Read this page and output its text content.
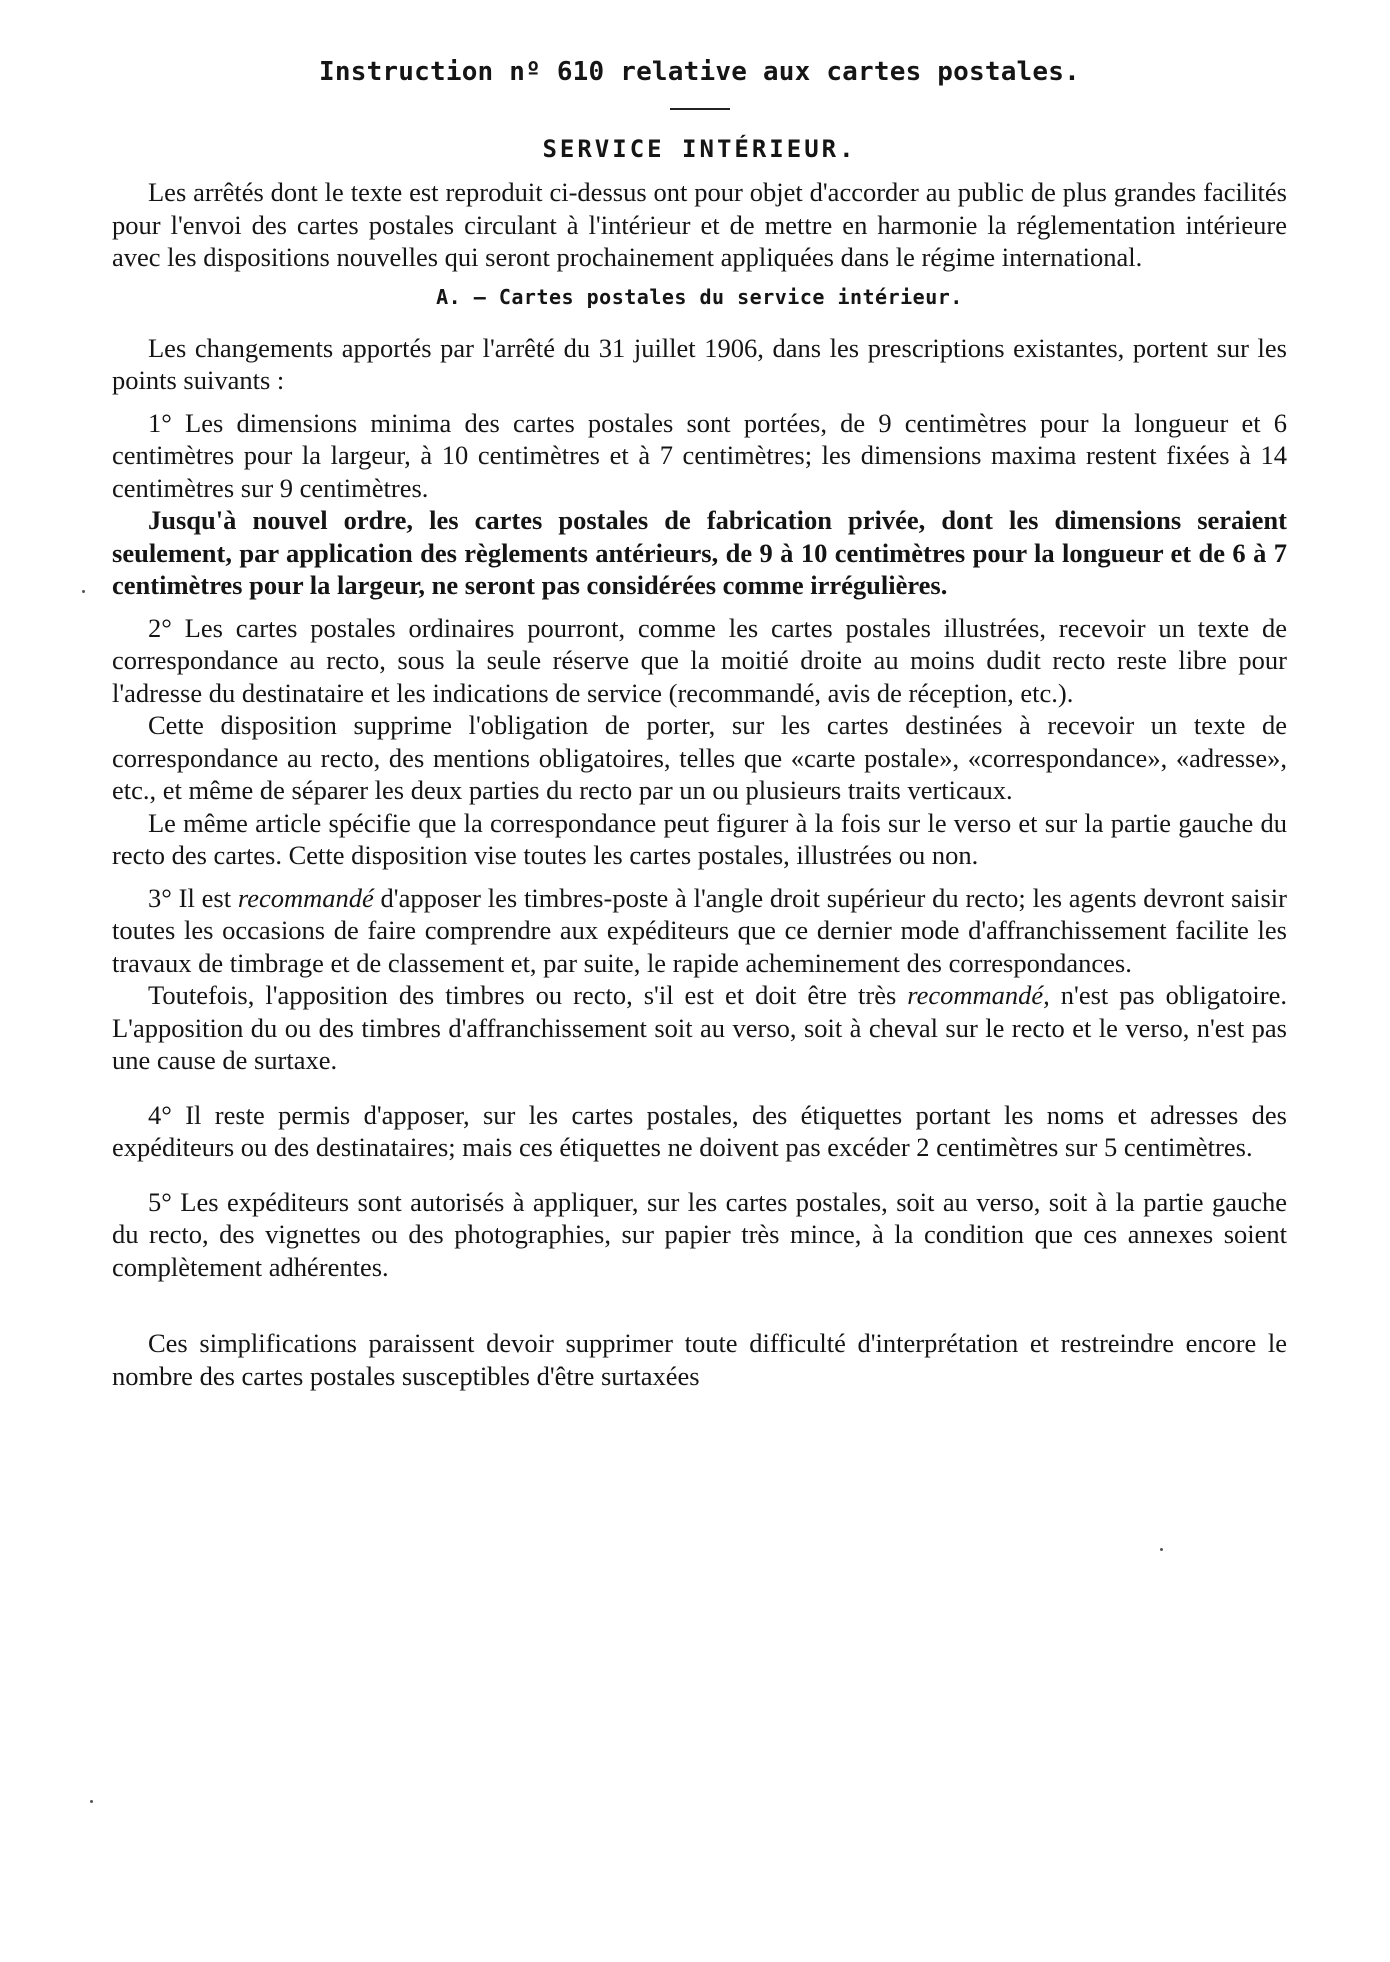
Instruction nº 610 relative aux cartes postales.
SERVICE INTÉRIEUR.

Les arrêtés dont le texte est reproduit ci-dessus ont pour objet d'accorder au public de plus grandes facilités pour l'envoi des cartes postales circulant à l'intérieur et de mettre en harmonie la réglementation intérieure avec les dispositions nouvelles qui seront prochainement appliquées dans le régime international.

A. — Cartes postales du service intérieur.

Les changements apportés par l'arrêté du 31 juillet 1906, dans les prescriptions existantes, portent sur les points suivants :

1° Les dimensions minima des cartes postales sont portées, de 9 centimètres pour la longueur et 6 centimètres pour la largeur, à 10 centimètres et à 7 centimètres; les dimensions maxima restent fixées à 14 centimètres sur 9 centimètres.

Jusqu'à nouvel ordre, les cartes postales de fabrication privée, dont les dimensions seraient seulement, par application des règlements antérieurs, de 9 à 10 centimètres pour la longueur et de 6 à 7 centimètres pour la largeur, ne seront pas considérées comme irrégulières.

2° Les cartes postales ordinaires pourront, comme les cartes postales illustrées, recevoir un texte de correspondance au recto, sous la seule réserve que la moitié droite au moins dudit recto reste libre pour l'adresse du destinataire et les indications de service (recommandé, avis de réception, etc.).

Cette disposition supprime l'obligation de porter, sur les cartes destinées à recevoir un texte de correspondance au recto, des mentions obligatoires, telles que «carte postale», «correspondance», «adresse», etc., et même de séparer les deux parties du recto par un ou plusieurs traits verticaux.

Le même article spécifie que la correspondance peut figurer à la fois sur le verso et sur la partie gauche du recto des cartes. Cette disposition vise toutes les cartes postales, illustrées ou non.

3° Il est recommandé d'apposer les timbres-poste à l'angle droit supérieur du recto; les agents devront saisir toutes les occasions de faire comprendre aux expéditeurs que ce dernier mode d'affranchissement facilite les travaux de timbrage et de classement et, par suite, le rapide acheminement des correspondances.

Toutefois, l'apposition des timbres ou recto, s'il est et doit être très recommandé, n'est pas obligatoire. L'apposition du ou des timbres d'affranchissement soit au verso, soit à cheval sur le recto et le verso, n'est pas une cause de surtaxe.

4° Il reste permis d'apposer, sur les cartes postales, des étiquettes portant les noms et adresses des expéditeurs ou des destinataires; mais ces étiquettes ne doivent pas excéder 2 centimètres sur 5 centimètres.

5° Les expéditeurs sont autorisés à appliquer, sur les cartes postales, soit au verso, soit à la partie gauche du recto, des vignettes ou des photographies, sur papier très mince, à la condition que ces annexes soient complètement adhérentes.

Ces simplifications paraissent devoir supprimer toute difficulté d'interprétation et restreindre encore le nombre des cartes postales susceptibles d'être surtaxées
